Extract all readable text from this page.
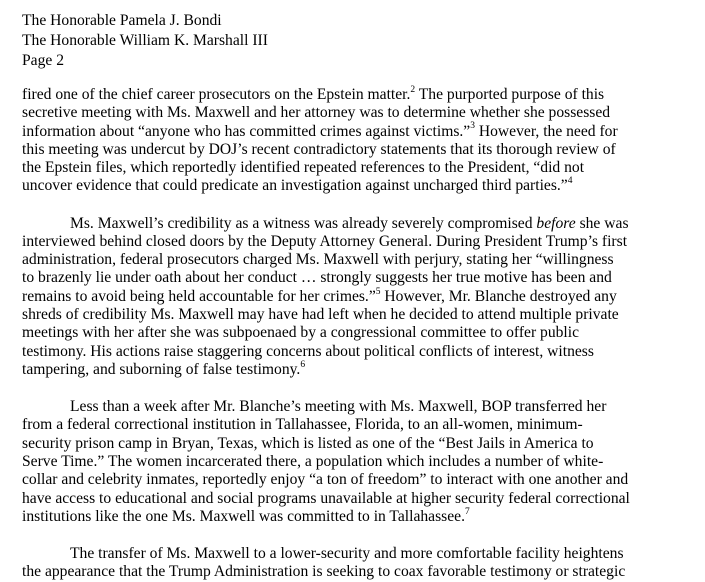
The Honorable Pamela J. Bondi
The Honorable William K. Marshall III
Page 2
fired one of the chief career prosecutors on the Epstein matter.$^2$ The purported purpose of this
secretive meeting with Ms. Maxwell and her attorney was to determine whether she possessed
information about “anyone who has committed crimes against victims.”$^3$ However, the need for
this meeting was undercut by DOJ’s recent contradictory statements that its thorough review of
the Epstein files, which reportedly identified repeated references to the President, “did not
uncover evidence that could predicate an investigation against uncharged third parties.”$^4$
Ms. Maxwell’s credibility as a witness was already severely compromised before she was
interviewed behind closed doors by the Deputy Attorney General. During President Trump’s first
administration, federal prosecutors charged Ms. Maxwell with perjury, stating her “willingness
to brazenly lie under oath about her conduct … strongly suggests her true motive has been and
remains to avoid being held accountable for her crimes.”$^5$ However, Mr. Blanche destroyed any
shreds of credibility Ms. Maxwell may have had left when he decided to attend multiple private
meetings with her after she was subpoenaed by a congressional committee to offer public
testimony. His actions raise staggering concerns about political conflicts of interest, witness
tampering, and suborning of false testimony.$^6$
Less than a week after Mr. Blanche’s meeting with Ms. Maxwell, BOP transferred her
from a federal correctional institution in Tallahassee, Florida, to an all-women, minimum-
security prison camp in Bryan, Texas, which is listed as one of the “Best Jails in America to
Serve Time.” The women incarcerated there, a population which includes a number of white-
collar and celebrity inmates, reportedly enjoy “a ton of freedom” to interact with one another and
have access to educational and social programs unavailable at higher security federal correctional
institutions like the one Ms. Maxwell was committed to in Tallahassee.$^7$
The transfer of Ms. Maxwell to a lower-security and more comfortable facility heightens
the appearance that the Trump Administration is seeking to coax favorable testimony or strategic
